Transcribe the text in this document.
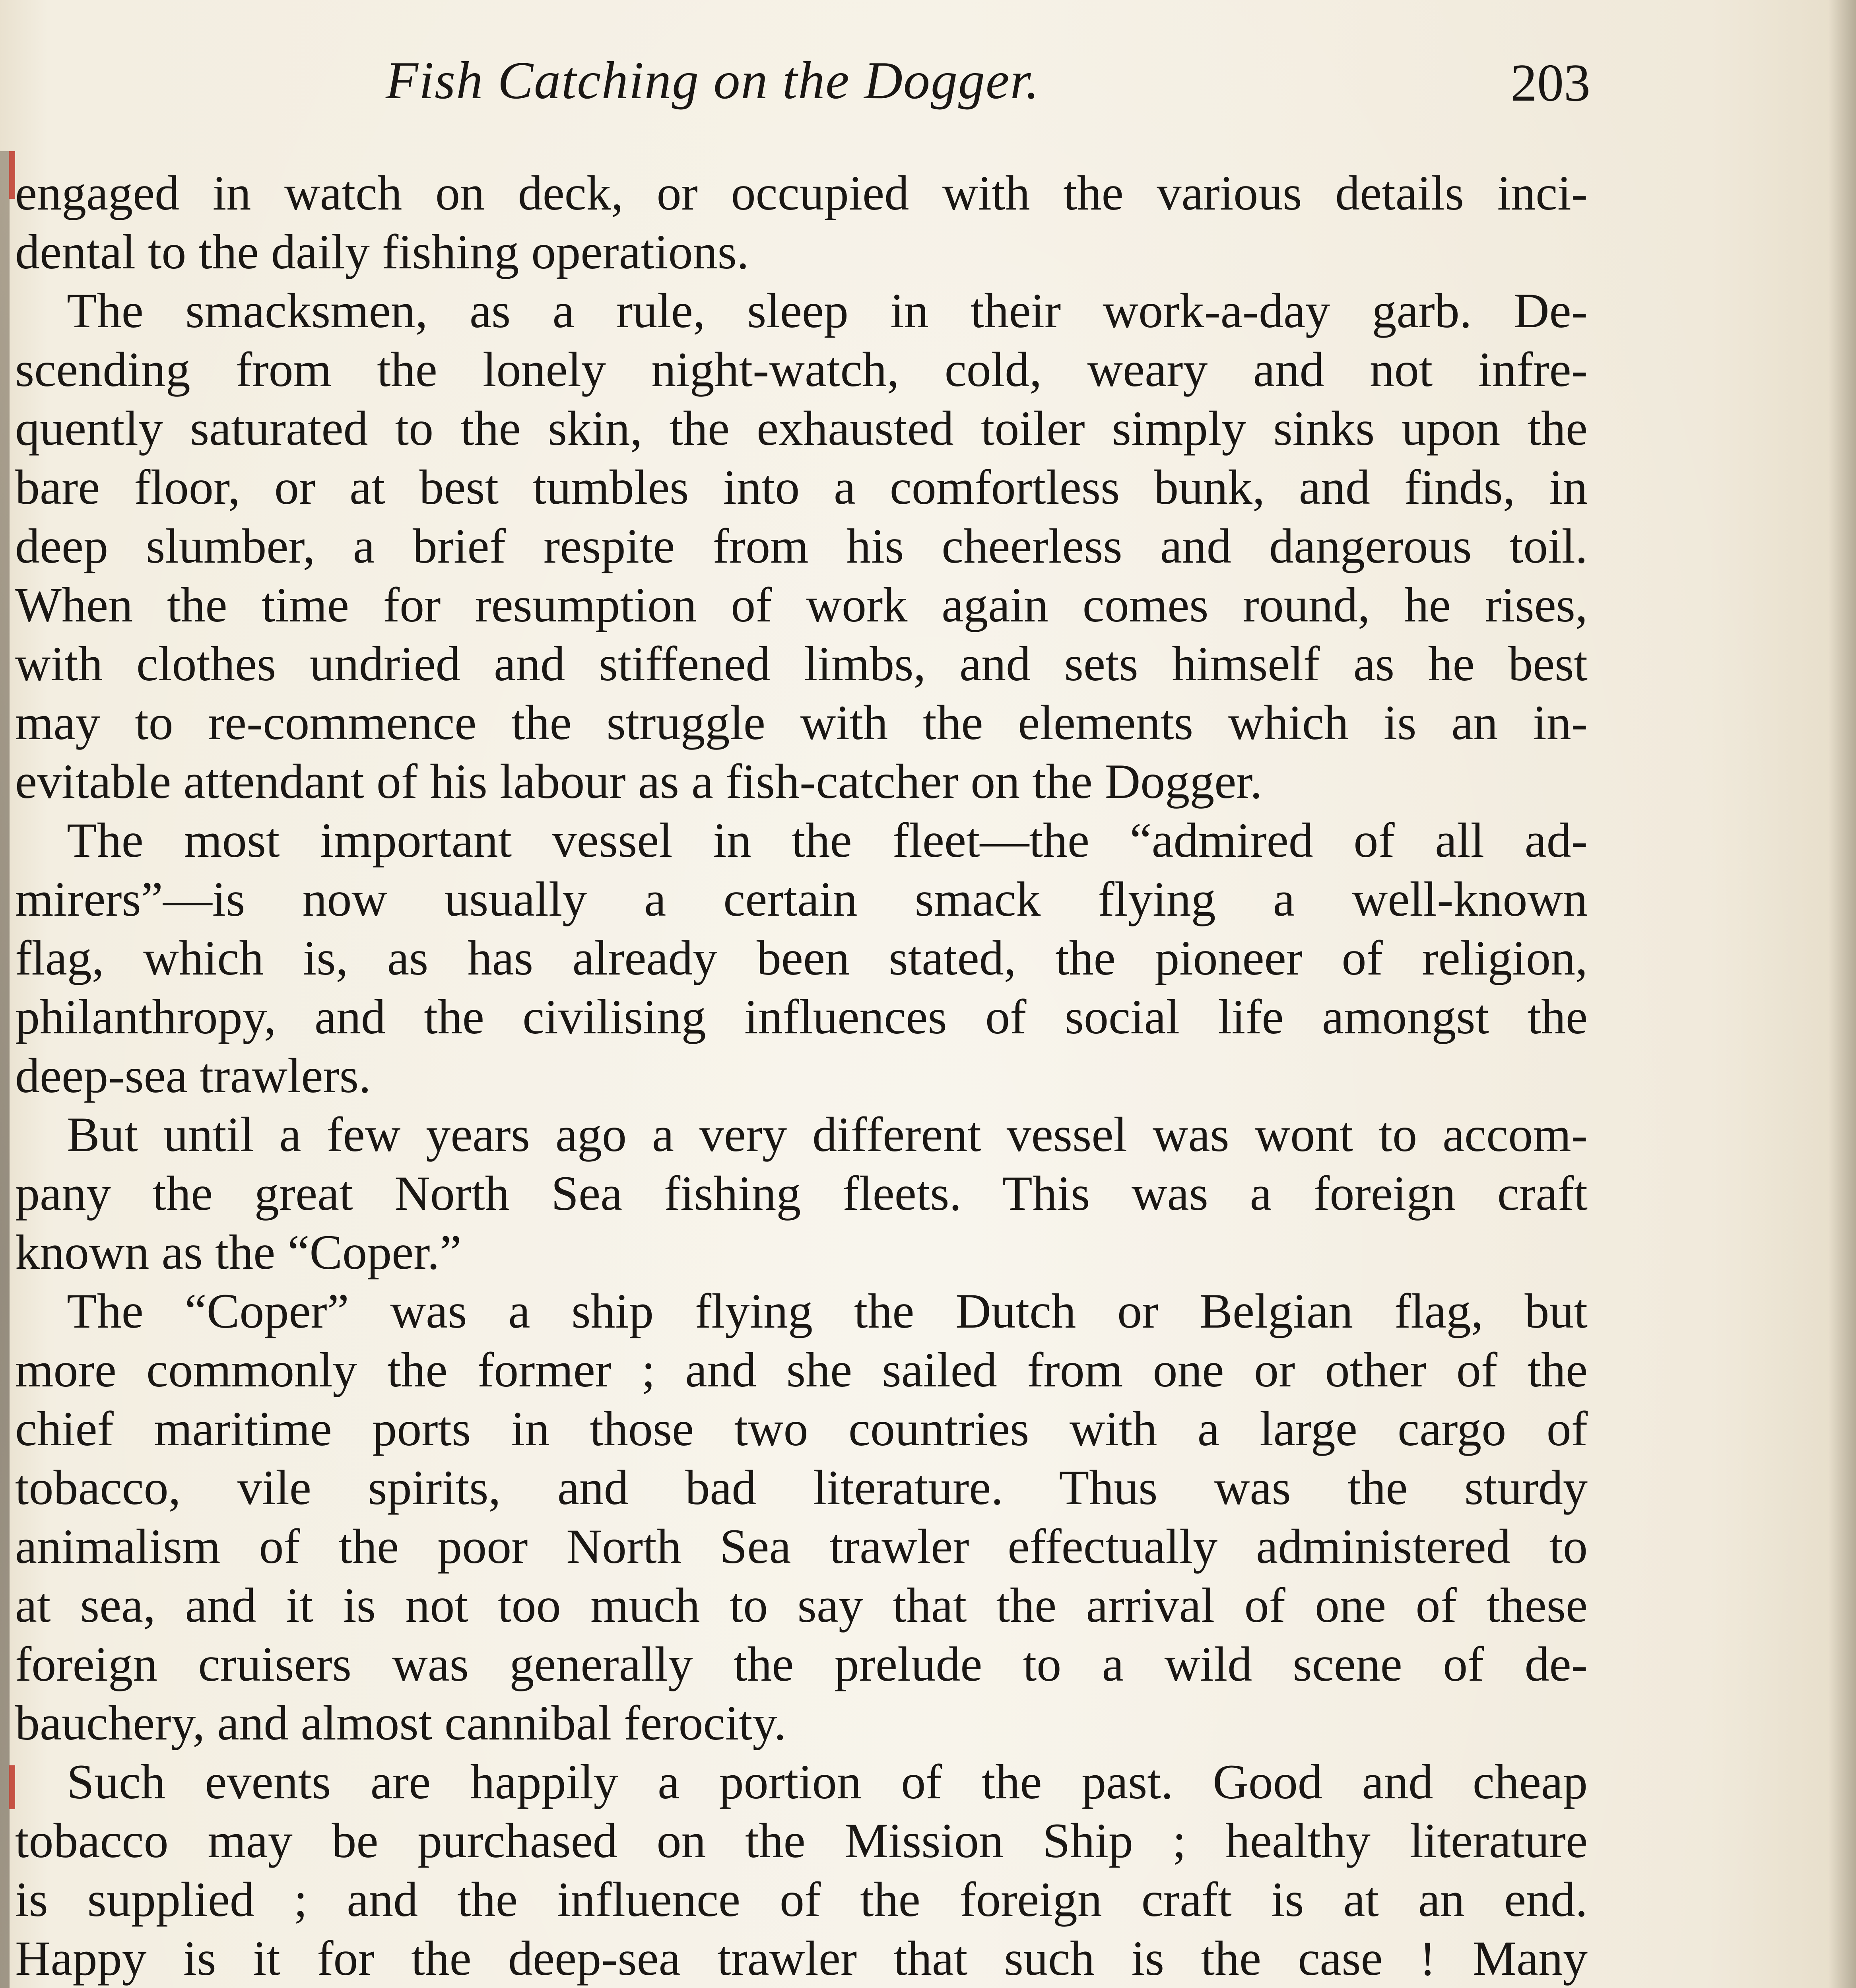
Fish Catching on the Dogger.	203
engaged in watch on deck, or occupied with the various details inci-
dental to the daily fishing operations.
The smacksmen, as a rule, sleep in their work-a-day garb. De-
scending from the lonely night-watch, cold, weary and not infre-
quently saturated to the skin, the exhausted toiler simply sinks upon the
bare floor, or at best tumbles into a comfortless bunk, and finds, in
deep slumber, a brief respite from his cheerless and dangerous toil.
When the time for resumption of work again comes round, he rises,
with clothes undried and stiffened limbs, and sets himself as he best
may to re-commence the struggle with the elements which is an in-
evitable attendant of his labour as a fish-catcher on the Dogger.
The most important vessel in the fleet—the “admired of all ad-
mirers”—is now usually a certain smack flying a well-known
flag, which is, as has already been stated, the pioneer of religion,
philanthropy, and the civilising influences of social life amongst the
deep-sea trawlers.
But until a few years ago a very different vessel was wont to accom-
pany the great North Sea fishing fleets. This was a foreign craft
known as the “Coper.”
The “Coper” was a ship flying the Dutch or Belgian flag, but
more commonly the former ; and she sailed from one or other of the
chief maritime ports in those two countries with a large cargo of
tobacco, vile spirits, and bad literature. Thus was the sturdy
animalism of the poor North Sea trawler effectually administered to
at sea, and it is not too much to say that the arrival of one of these
foreign cruisers was generally the prelude to a wild scene of de-
bauchery, and almost cannibal ferocity.
Such events are happily a portion of the past. Good and cheap
tobacco may be purchased on the Mission Ship ; healthy literature
is supplied ; and the influence of the foreign craft is at an end.
Happy is it for the deep-sea trawler that such is the case ! Many
